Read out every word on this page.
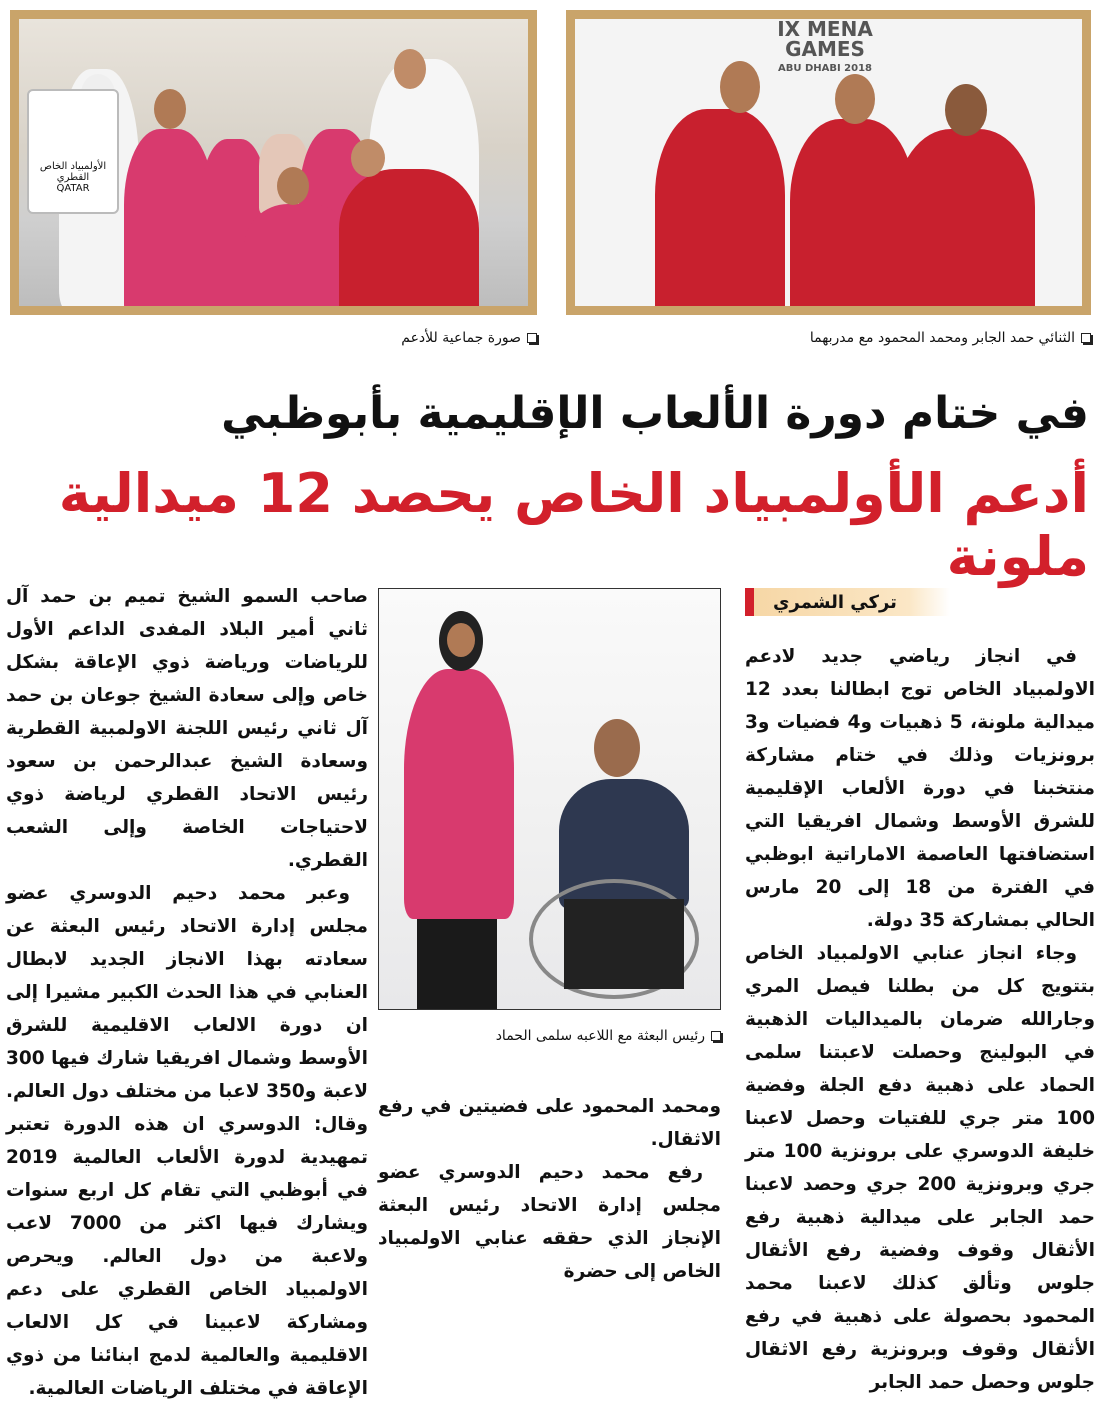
الأولمبياد الخاص القطري
QATAR
صورة جماعية للأدعم
IX MENA GAMES
ABU DHABI 2018
الثنائي حمد الجابر ومحمد المحمود مع مدربهما
في ختام دورة الألعاب الإقليمية بأبوظبي
أدعم الأولمبياد الخاص يحصد 12 ميدالية ملونة
تركي الشمري

في انجاز رياضي جديد لادعم الاولمبياد الخاص توج ابطالنا بعدد 12 ميدالية ملونة، 5 ذهبيات و4 فضيات و3 برونزيات وذلك في ختام مشاركة منتخبنا في دورة الألعاب الإقليمية للشرق الأوسط وشمال افريقيا التي استضافتها العاصمة الاماراتية ابوظبي في الفترة من 18 إلى 20 مارس الحالي بمشاركة 35 دولة.

وجاء انجاز عنابي الاولمبياد الخاص بتتويج كل من بطلنا فيصل المري وجارالله ضرمان بالميداليات الذهبية في البولينج وحصلت لاعبتنا سلمى الحماد على ذهبية دفع الجلة وفضية 100 متر جري للفتيات وحصل لاعبنا خليفة الدوسري على برونزية 100 متر جري وبرونزية 200 جري وحصد لاعبنا حمد الجابر على ميدالية ذهبية رفع الأثقال وقوف وفضية رفع الأثقال جلوس وتألق كذلك لاعبنا محمد المحمود بحصولة على ذهبية في رفع الأثقال وقوف وبرونزية رفع الاثقال جلوس وحصل حمد الجابر

رئيس البعثة مع اللاعبه سلمى الحماد

ومحمد المحمود على فضيتين في رفع الاثقال.

رفع محمد دحيم الدوسري عضو مجلس إدارة الاتحاد رئيس البعثة الإنجاز الذي حققه عنابي الاولمبياد الخاص إلى حضرة

صاحب السمو الشيخ تميم بن حمد آل ثاني أمير البلاد المفدى الداعم الأول للرياضات ورياضة ذوي الإعاقة بشكل خاص وإلى سعادة الشيخ جوعان بن حمد آل ثاني رئيس اللجنة الاولمبية القطرية وسعادة الشيخ عبدالرحمن بن سعود رئيس الاتحاد القطري لرياضة ذوي لاحتياجات الخاصة وإلى الشعب القطري.

وعبر محمد دحيم الدوسري عضو مجلس إدارة الاتحاد رئيس البعثة عن سعادته بهذا الانجاز الجديد لابطال العنابي في هذا الحدث الكبير مشيرا إلى ان دورة الالعاب الاقليمية للشرق الأوسط وشمال افريقيا شارك فيها 300 لاعبة و350 لاعبا من مختلف دول العالم. وقال: الدوسري ان هذه الدورة تعتبر تمهيدية لدورة الألعاب العالمية 2019 في أبوظبي التي تقام كل اربع سنوات ويشارك فيها اكثر من 7000 لاعب ولاعبة من دول العالم. ويحرص الاولمبياد الخاص القطري على دعم ومشاركة لاعبينا في كل الالعاب الاقليمية والعالمية لدمج ابنائنا من ذوي الإعاقة في مختلف الرياضات العالمية.
